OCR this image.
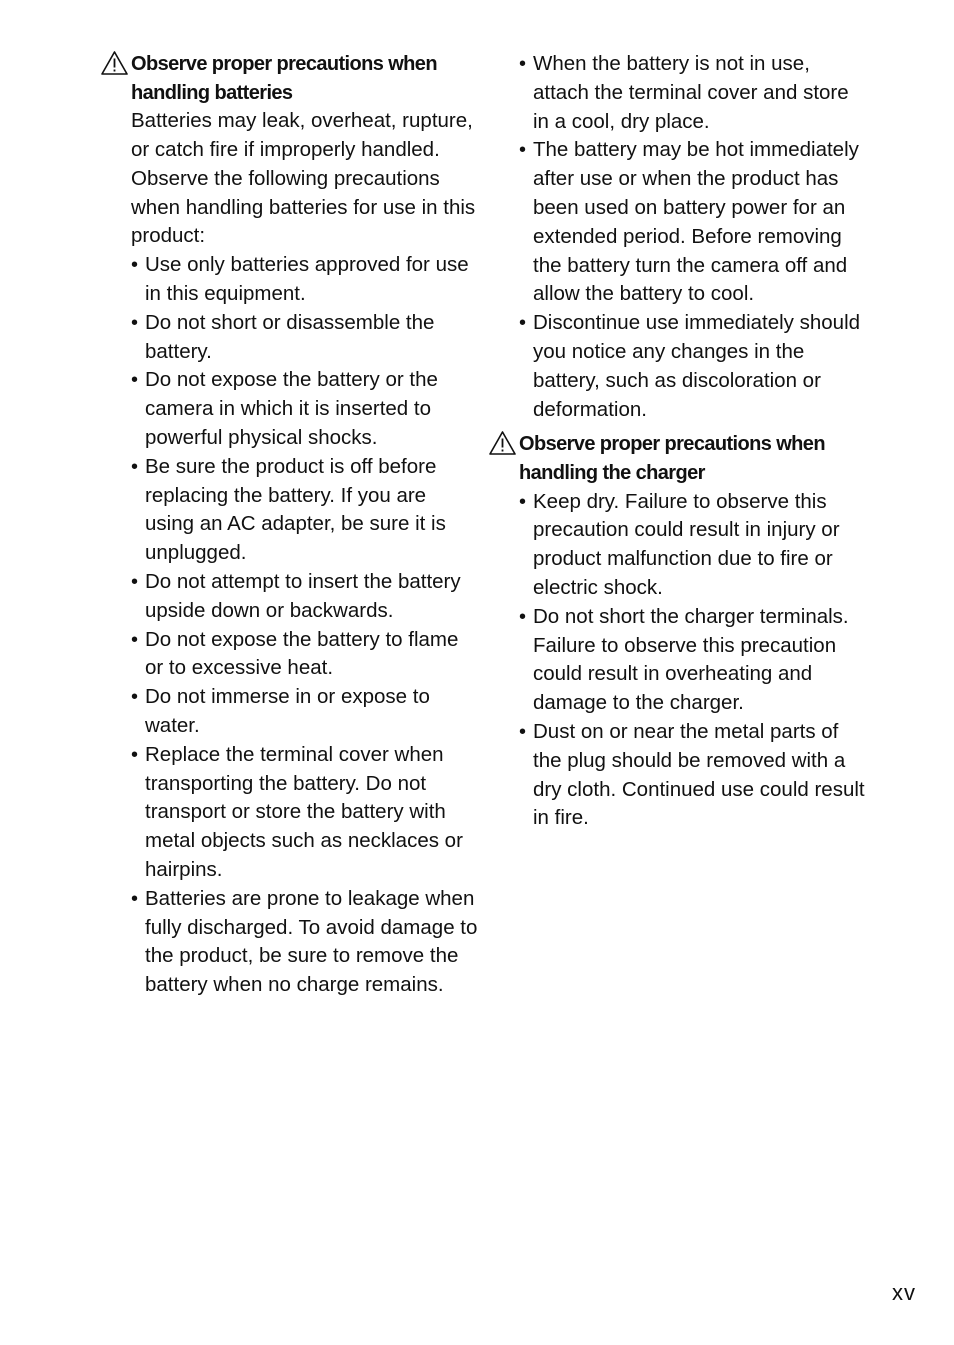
Observe proper precautions when
handling batteries

Batteries may leak, overheat, rupture, or catch fire if improperly handled. Observe the following precautions when handling batteries for use in this product:

• Use only batteries approved for use in this equipment.
• Do not short or disassemble the battery.
• Do not expose the battery or the camera in which it is inserted to powerful physical shocks.
• Be sure the product is off before replacing the battery. If you are using an AC adapter, be sure it is unplugged.
• Do not attempt to insert the battery upside down or backwards.
• Do not expose the battery to flame or to excessive heat.
• Do not immerse in or expose to water.
• Replace the terminal cover when transporting the battery. Do not transport or store the battery with metal objects such as necklaces or hairpins.
• Batteries are prone to leakage when fully discharged. To avoid damage to the product, be sure to remove the battery when no charge remains.
• When the battery is not in use, attach the terminal cover and store in a cool, dry place.
• The battery may be hot immediately after use or when the product has been used on battery power for an extended period. Before removing the battery turn the camera off and allow the battery to cool.
• Discontinue use immediately should you notice any changes in the battery, such as discoloration or deformation.
Observe proper precautions when
handling the charger
• Keep dry. Failure to observe this precaution could result in injury or product malfunction due to fire or electric shock.
• Do not short the charger terminals. Failure to observe this precaution could result in overheating and damage to the charger.
• Dust on or near the metal parts of the plug should be removed with a dry cloth. Continued use could result in fire.
xv
